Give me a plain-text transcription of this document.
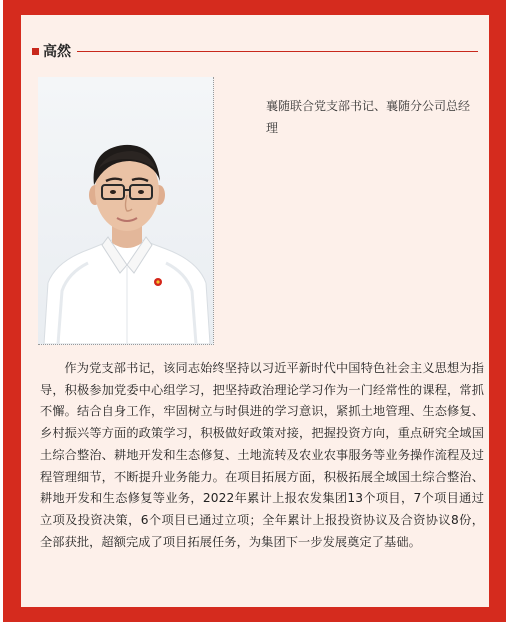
高然
襄随联合党支部书记、襄随分公司总经理

作为党支部书记，该同志始终坚持以习近平新时代中国特色社会主义思想为指导，积极参加党委中心组学习，把坚持政治理论学习作为一门经常性的课程，常抓不懈。结合自身工作，牢固树立与时俱进的学习意识，紧抓土地管理、生态修复、乡村振兴等方面的政策学习，积极做好政策对接，把握投资方向，重点研究全域国土综合整治、耕地开发和生态修复、土地流转及农业农事服务等业务操作流程及过程管理细节，不断提升业务能力。在项目拓展方面，积极拓展全域国土综合整治、耕地开发和生态修复等业务，2022年累计上报农发集团13个项目，7个项目通过立项及投资决策，6个项目已通过立项；全年累计上报投资协议及合资协议8份，全部获批，超额完成了项目拓展任务，为集团下一步发展奠定了基础。
